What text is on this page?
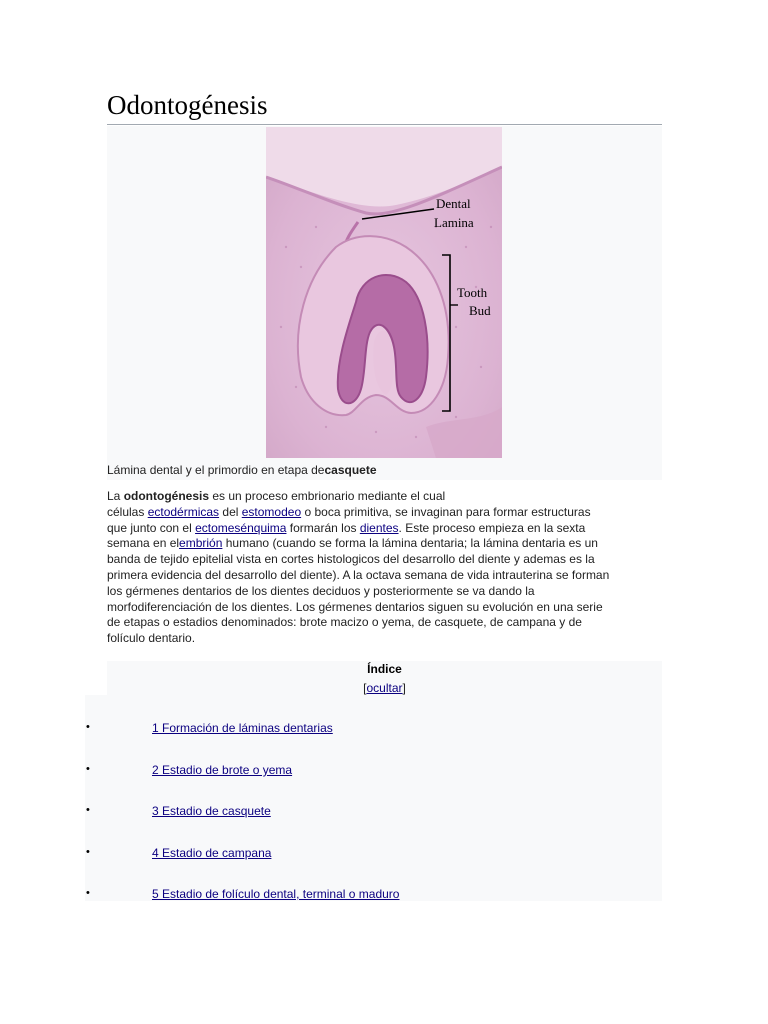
Odontogénesis
Dental
Lamina
Tooth
Bud
Lámina dental y el primordio en etapa decasquete
La odontogénesis es un proceso embrionario mediante el cual
células ectodérmicas del estomodeo o boca primitiva, se invaginan para formar estructuras
que junto con el ectomesénquima formarán los dientes. Este proceso empieza en la sexta
semana en elembrión humano (cuando se forma la lámina dentaria; la lámina dentaria es un
banda de tejido epitelial vista en cortes histologicos del desarrollo del diente y ademas es la
primera evidencia del desarrollo del diente). A la octava semana de vida intrauterina se forman
los gérmenes dentarios de los dientes deciduos y posteriormente se va dando la
morfodiferenciación de los dientes. Los gérmenes dentarios siguen su evolución en una serie
de etapas o estadios denominados: brote macizo o yema, de casquete, de campana y de
folículo dentario.
Índice
[ocultar]
•	1 Formación de láminas dentarias
•	2 Estadio de brote o yema
•	3 Estadio de casquete
•	4 Estadio de campana
•	5 Estadio de folículo dental, terminal o maduro
